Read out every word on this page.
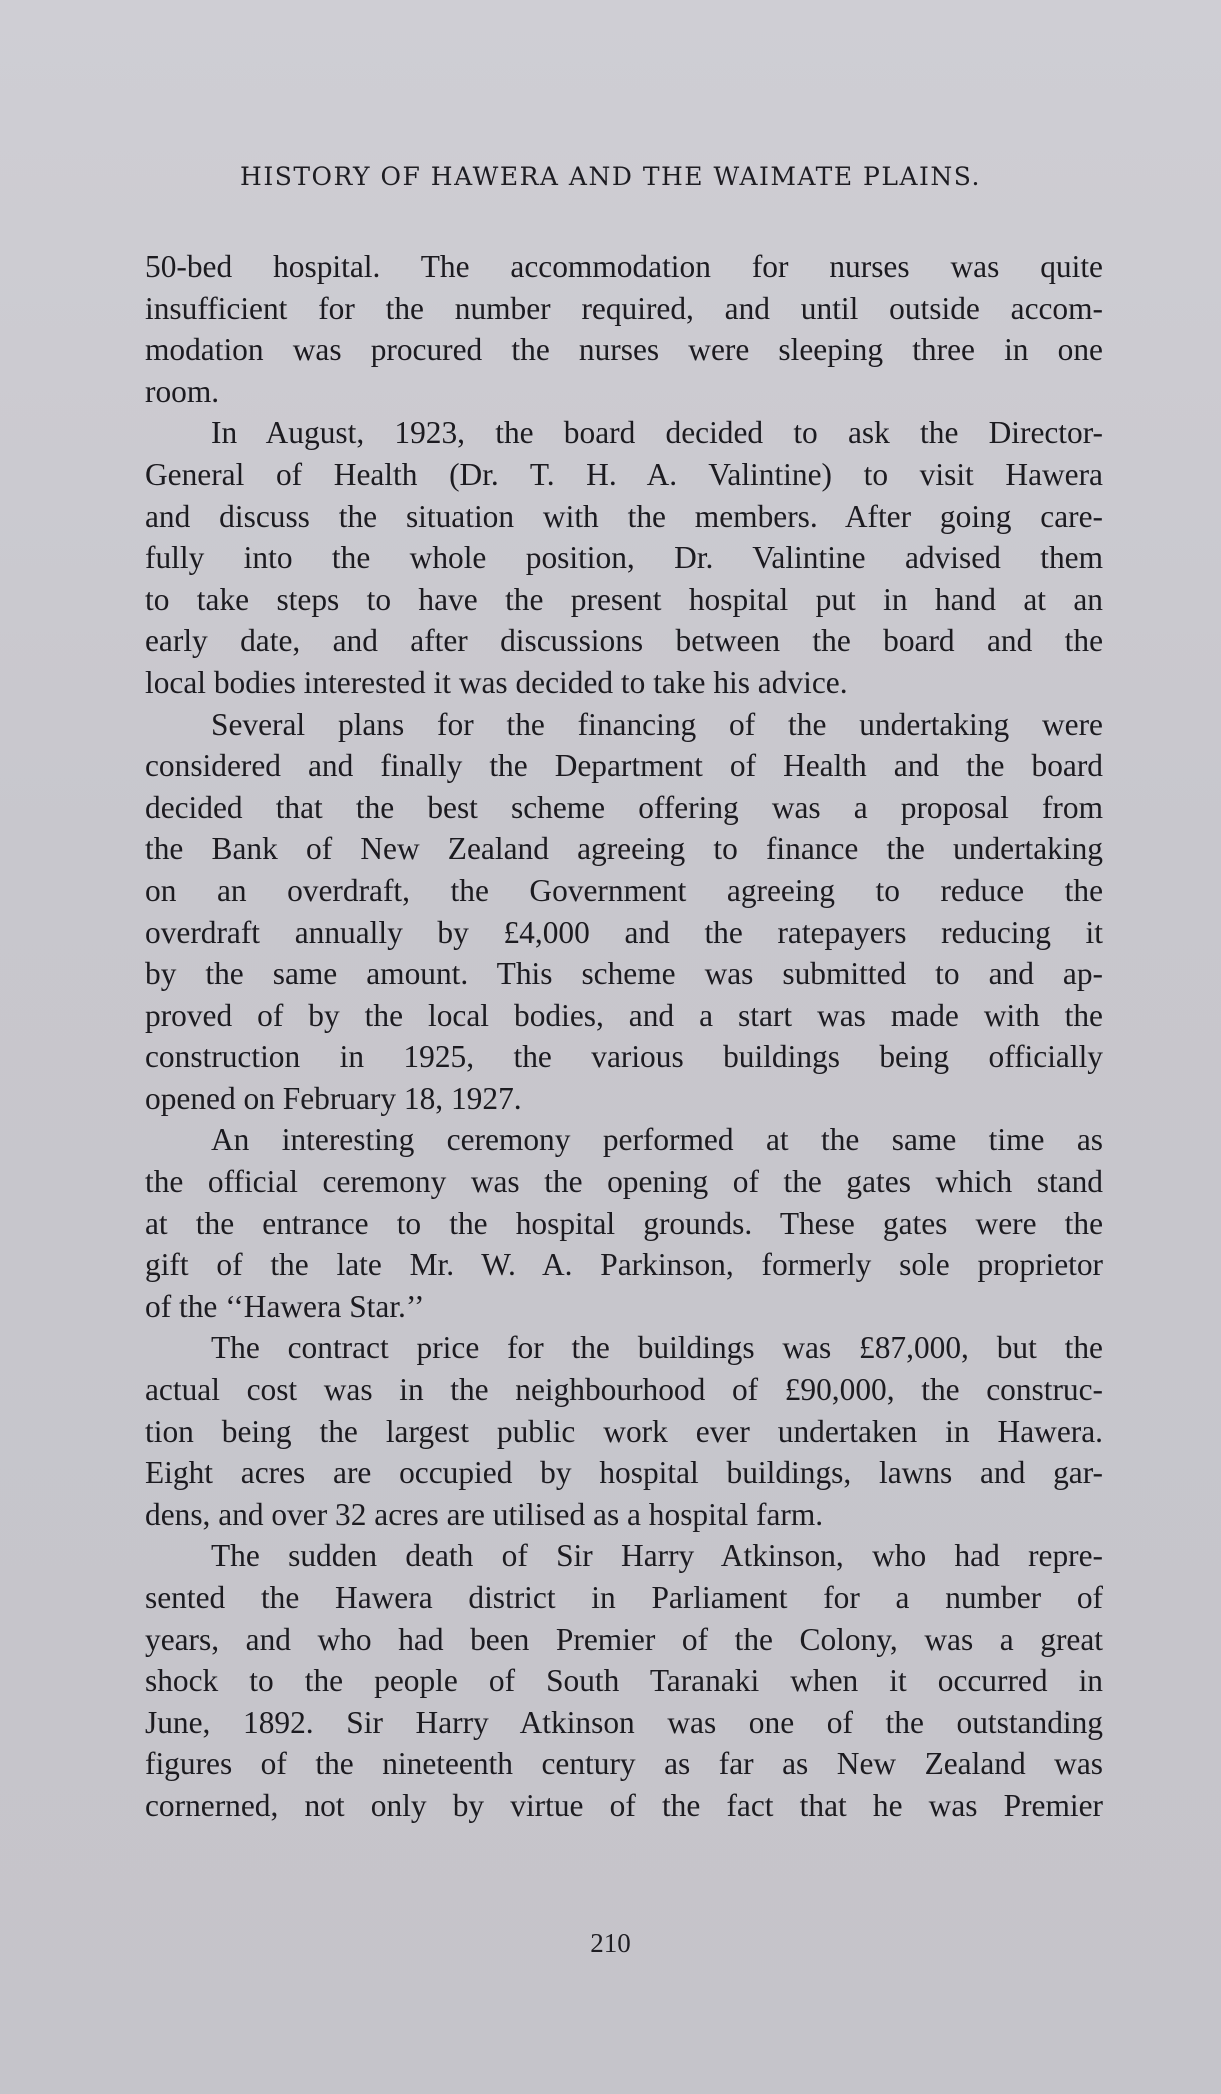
HISTORY OF HAWERA AND THE WAIMATE PLAINS.
50-bed hospital. The accommodation for nurses was quite
insufficient for the number required, and until outside accom-
modation was procured the nurses were sleeping three in one
room.
In August, 1923, the board decided to ask the Director-
General of Health (Dr. T. H. A. Valintine) to visit Hawera
and discuss the situation with the members. After going care-
fully into the whole position, Dr. Valintine advised them
to take steps to have the present hospital put in hand at an
early date, and after discussions between the board and the
local bodies interested it was decided to take his advice.
Several plans for the financing of the undertaking were
considered and finally the Department of Health and the board
decided that the best scheme offering was a proposal from
the Bank of New Zealand agreeing to finance the undertaking
on an overdraft, the Government agreeing to reduce the
overdraft annually by £4,000 and the ratepayers reducing it
by the same amount. This scheme was submitted to and ap-
proved of by the local bodies, and a start was made with the
construction in 1925, the various buildings being officially
opened on February 18, 1927.
An interesting ceremony performed at the same time as
the official ceremony was the opening of the gates which stand
at the entrance to the hospital grounds. These gates were the
gift of the late Mr. W. A. Parkinson, formerly sole proprietor
of the ‘‘Hawera Star.’’
The contract price for the buildings was £87,000, but the
actual cost was in the neighbourhood of £90,000, the construc-
tion being the largest public work ever undertaken in Hawera.
Eight acres are occupied by hospital buildings, lawns and gar-
dens, and over 32 acres are utilised as a hospital farm.
The sudden death of Sir Harry Atkinson, who had repre-
sented the Hawera district in Parliament for a number of
years, and who had been Premier of the Colony, was a great
shock to the people of South Taranaki when it occurred in
June, 1892. Sir Harry Atkinson was one of the outstanding
figures of the nineteenth century as far as New Zealand was
cornerned, not only by virtue of the fact that he was Premier
210
